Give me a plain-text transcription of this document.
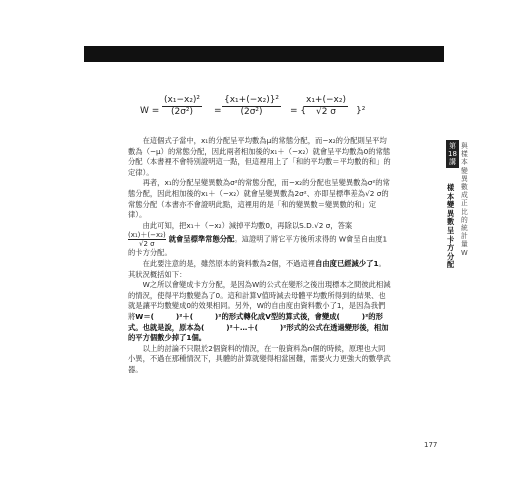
$W = \frac{\text{(x₁−x₂)²}}{\text{(2σ²)}} = \frac{\text{\{x₁+(−x₂)\}²}}{\text{(2σ²)}}$ = {
$\frac{\text{x₁+(−x₂)}}{√2 \sigma} \}^2$

在這個式子當中，x₁的分配呈平均數為μ的常態分配，而−x₂的分配則呈平均數為（−μ）的常態分配，因此兩者相加後的x₁＋（−x₂）就會呈平均數為0的常態分配（本書裡不會特別證明這一點，但這裡用上了「和的平均數＝平均數的和」的定律）。

再者，x₁的分配呈變異數為σ²的常態分配，而−x₂的分配也呈變異數為σ²的常態分配，因此相加後的x₁＋（−x₂）就會呈變異數為2σ²、亦即呈標準差為√2 σ的常態分配（本書亦不會證明此點，這裡用的是「和的變異數＝變異數的和」定律）。

由此可知，把x₁＋（−x₂）減掉平均數0，再除以S.D.√2 σ，答案

$\frac{\text{(x₁)＋(−x₂)}}{√2 \sigma}$ 就會呈標準常態分配。這證明了將它平方後所求得的 W會呈自由度1的卡方分配。

在此要注意的是，雖然原本的資料數為2個，不過這裡自由度已經減少了1。其狀況概括如下：

W之所以會變成卡方分配，是因為W的公式在變形之後出現標本之間彼此相減的情況，使得平均數變為了0。這和計算V值時減去母體平均數所得到的結果、也就是讓平均數變成0的效果相同。另外，W的自由度由資料數小了1，是因為我們將W＝(　　　)²＋(　　　)²的形式轉化成V型的算式後，會變成(　　　)²的形式。也就是說，原本為(　　　)²＋…＋(　　　)²形式的公式在透過變形後，相加的平方個數少掉了1個。

以上的討論不只限於2個資料的情況，在一般資料為n個的時候，原理也大同小異，不過在那種情況下，具體的計算就變得相當困難，需要火力更強大的數學武器。

第18講
樣本變異數呈卡方分配
與樣本變異數成正比的統計量W
177
